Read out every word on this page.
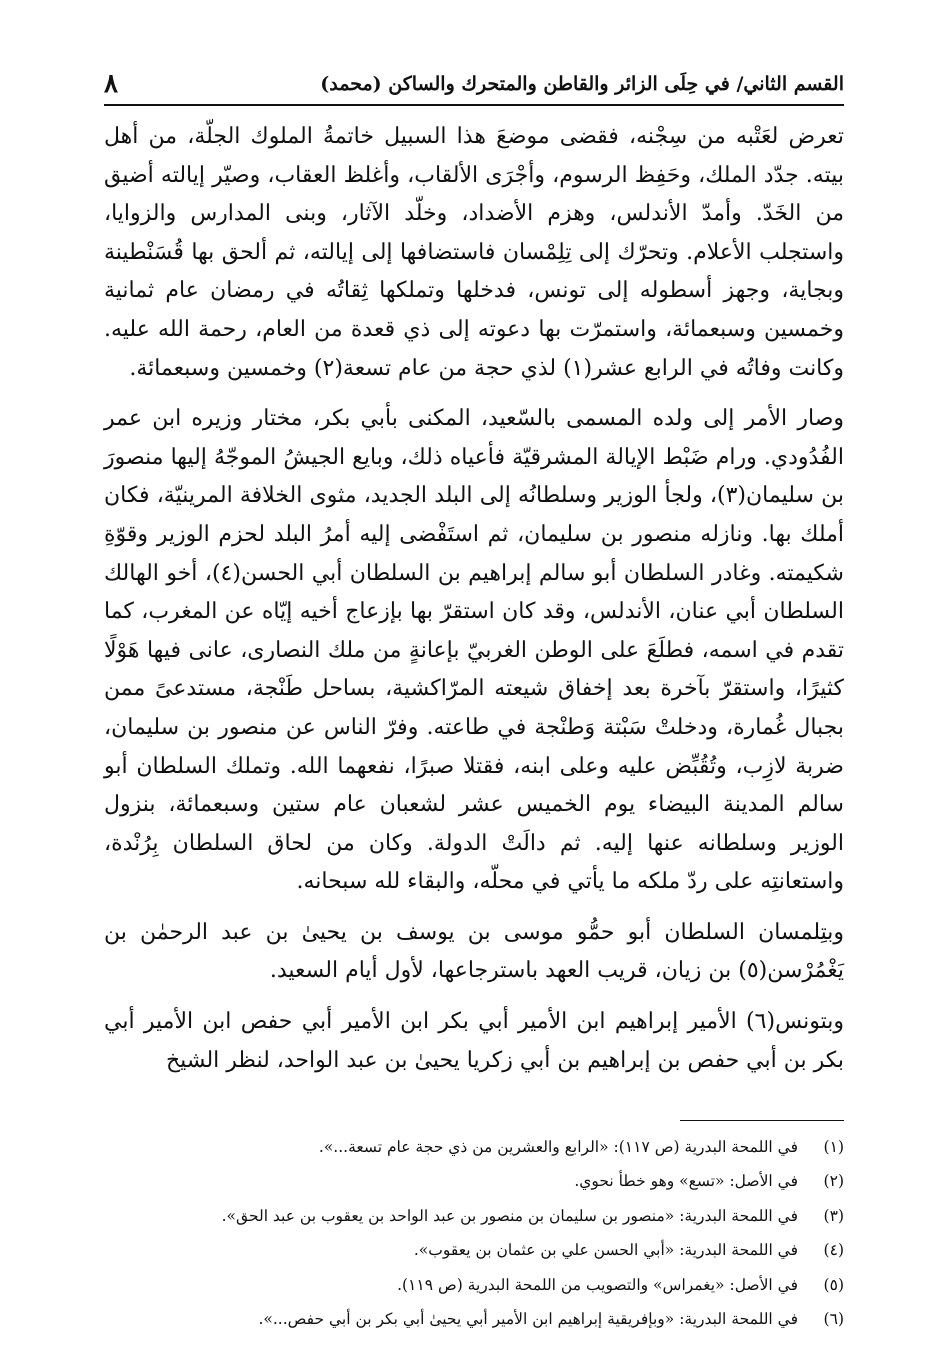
القسم الثاني/ في حِلَى الزائر والقاطن والمتحرك والساكن (محمد)
٨

تعرض لعَتْبه من سِجْنه، فقضى موضعَ هذا السبيل خاتمةُ الملوك الجلّة، من أهل بيته. جدّد الملك، وحَفِظ الرسوم، وأجْرَى الألقاب، وأغلظ العقاب، وصيّر إيالته أضيق من الخَدّ. وأمدّ الأندلس، وهزم الأضداد، وخلّد الآثار، وبنى المدارس والزوايا، واستجلب الأعلام. وتحرّك إلى تِلِمْسان فاستضافها إلى إيالته، ثم ألحق بها قُسَنْطينة وبجاية، وجهز أسطوله إلى تونس، فدخلها وتملكها ثِقاتُه في رمضان عام ثمانية وخمسين وسبعمائة، واستمرّت بها دعوته إلى ذي قعدة من العام، رحمة الله عليه. وكانت وفاتُه في الرابع عشر(١) لذي حجة من عام تسعة(٢) وخمسين وسبعمائة.

وصار الأمر إلى ولده المسمى بالسّعيد، المكنى بأبي بكر، مختار وزيره ابن عمر الفُدُودي. ورام ضَبْط الإيالة المشرقيّة فأعياه ذلك، وبايع الجيشُ الموجّهُ إليها منصورَ بن سليمان(٣)، ولجأ الوزير وسلطانُه إلى البلد الجديد، مثوى الخلافة المرينيّة، فكان أملك بها. ونازله منصور بن سليمان، ثم استَفْضى إليه أمرُ البلد لحزم الوزير وقوّةِ شكيمته. وغادر السلطان أبو سالم إبراهيم بن السلطان أبي الحسن(٤)، أخو الهالك السلطان أبي عنان، الأندلس، وقد كان استقرّ بها بإزعاج أخيه إيّاه عن المغرب، كما تقدم في اسمه، فطلَعَ على الوطن الغربيّ بإعانةٍ من ملك النصارى، عانى فيها هَوْلًا كثيرًا، واستقرّ بآخرة بعد إخفاق شيعته المرّاكشية، بساحل طَنْجة، مستدعىً ممن بجبال غُمارة، ودخلتْ سَبْتة وَطنْجة في طاعته. وفرّ الناس عن منصور بن سليمان، ضربة لازِب، وتُقُبِّض عليه وعلى ابنه، فقتلا صبرًا، نفعهما الله. وتملك السلطان أبو سالم المدينة البيضاء يوم الخميس عشر لشعبان عام ستين وسبعمائة، بنزول الوزير وسلطانه عنها إليه. ثم دالَتْ الدولة. وكان من لحاق السلطان بِرُنْدة، واستعانتِه على ردّ ملكه ما يأتي في محلّه، والبقاء لله سبحانه.

وبتِلمسان السلطان أبو حمُّو موسى بن يوسف بن يحيىٰ بن عبد الرحمٰن بن يَغْمُرْسن(٥) بن زيان، قريب العهد باسترجاعها، لأول أيام السعيد.

وبتونس(٦) الأمير إبراهيم ابن الأمير أبي بكر ابن الأمير أبي حفص ابن الأمير أبي بكر بن أبي حفص بن إبراهيم بن أبي زكريا يحيىٰ بن عبد الواحد، لنظر الشيخ

(١)
في اللمحة البدرية (ص ١١٧): «الرابع والعشرين من ذي حجة عام تسعة...».
(٢)
في الأصل: «تسع» وهو خطأ نحوي.
(٣)
في اللمحة البدرية: «منصور بن سليمان بن منصور بن عبد الواحد بن يعقوب بن عبد الحق».
(٤)
في اللمحة البدرية: «أبي الحسن علي بن عثمان بن يعقوب».
(٥)
في الأصل: «يغمراس» والتصويب من اللمحة البدرية (ص ١١٩).
(٦)
في اللمحة البدرية: «وبإفريقية إبراهيم ابن الأمير أبي يحيىٰ أبي بكر بن أبي حفص...».
